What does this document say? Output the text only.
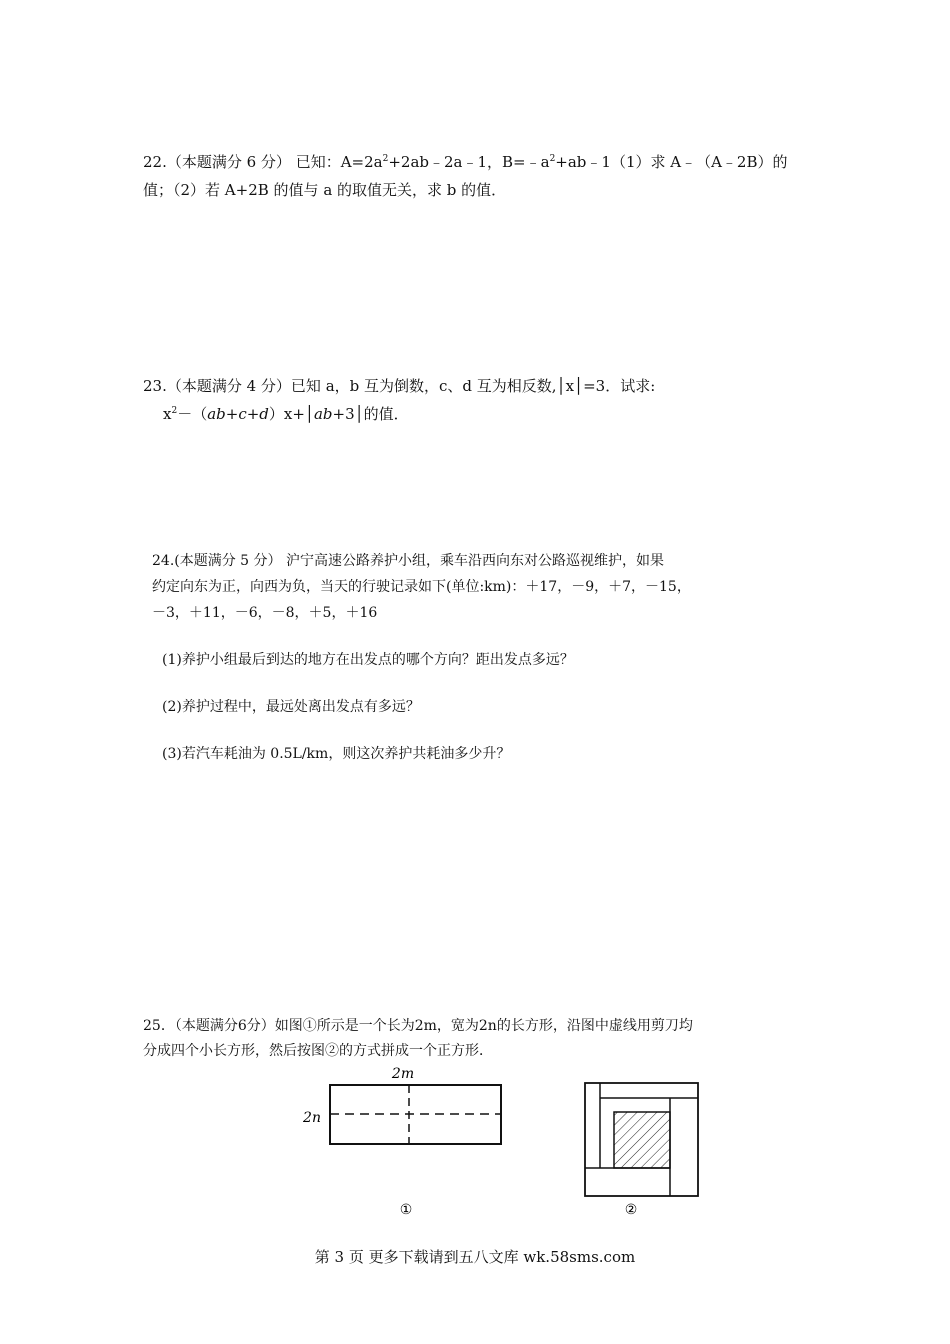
22.（本题满分 6 分） 已知：$A=2a^2+2ab﹣2a﹣1$，$B=﹣a^2+ab﹣1(1)$求 A﹣（A﹣2B）的
值；（2）若 A+2B 的值与 a 的取值无关，求 b 的值．
23.（本题满分 4 分）已知 a，b 互为倒数，c、d 互为相反数,│x│=3．试求:
$x^2-(ab+c+d)x+│ab+3│$的值．
24.(本题满分 5 分） 沪宁高速公路养护小组，乘车沿西向东对公路巡视维护，如果
约定向东为正，向西为负，当天的行驶记录如下(单位:km)：＋17，－9，＋7，－15，
－3，＋11，－6，－8，＋5，＋16
(1)养护小组最后到达的地方在出发点的哪个方向？距出发点多远？
(2)养护过程中，最远处离出发点有多远？
(3)若汽车耗油为 0.5L/km，则这次养护共耗油多少升？
25．（本题满分6分）如图①所示是一个长为2m，宽为2n的长方形，沿图中虚线用剪刀均
分成四个小长方形，然后按图②的方式拼成一个正方形．
2m
2n
①	②
第 3 页 更多下载请到五八文库 wk.58sms.com
